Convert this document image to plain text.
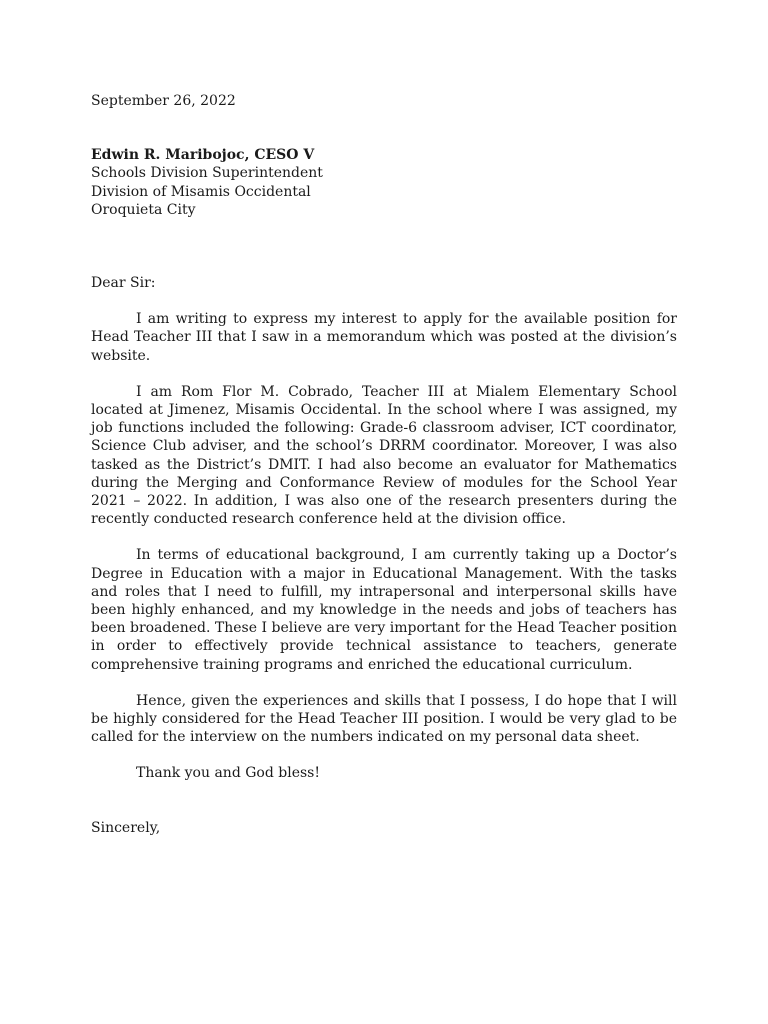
September 26, 2022

Edwin R. Maribojoc, CESO V
Schools Division Superintendent
Division of Misamis Occidental
Oroquieta City
Dear Sir:

I am writing to express my interest to apply for the available position for Head Teacher III that I saw in a memorandum which was posted at the division’s website.

I am Rom Flor M. Cobrado, Teacher III at Mialem Elementary School located at Jimenez, Misamis Occidental. In the school where I was assigned, my job functions included the following: Grade-6 classroom adviser, ICT coordinator, Science Club adviser, and the school’s DRRM coordinator. Moreover, I was also tasked as the District’s DMIT. I had also become an evaluator for Mathematics during the Merging and Conformance Review of modules for the School Year 2021 – 2022. In addition, I was also one of the research presenters during the recently conducted research conference held at the division office.

In terms of educational background, I am currently taking up a Doctor’s Degree in Education with a major in Educational Management. With the tasks and roles that I need to fulfill, my intrapersonal and interpersonal skills have been highly enhanced, and my knowledge in the needs and jobs of teachers has been broadened. These I believe are very important for the Head Teacher position in order to effectively provide technical assistance to teachers, generate comprehensive training programs and enriched the educational curriculum.

Hence, given the experiences and skills that I possess, I do hope that I will be highly considered for the Head Teacher III position. I would be very glad to be called for the interview on the numbers indicated on my personal data sheet.

Thank you and God bless!

Sincerely,
